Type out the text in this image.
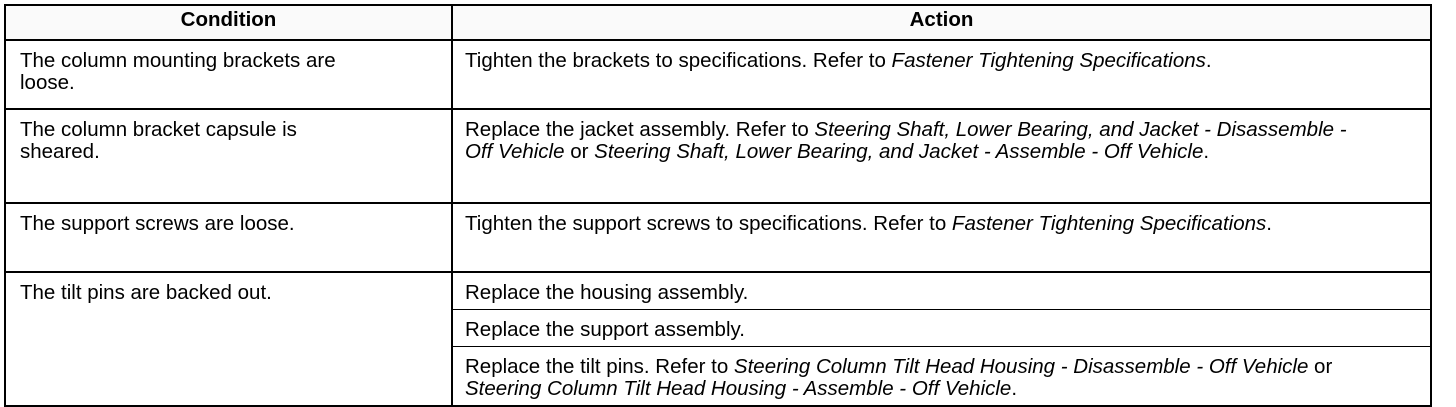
Condition	Action

The column mounting brackets are loose.	Tighten the brackets to specifications. Refer to Fastener Tightening Specifications.

The column bracket capsule is sheared.	Replace the jacket assembly. Refer to Steering Shaft, Lower Bearing, and Jacket - Disassemble - Off Vehicle or Steering Shaft, Lower Bearing, and Jacket - Assemble - Off Vehicle.

The support screws are loose.	Tighten the support screws to specifications. Refer to Fastener Tightening Specifications.

The tilt pins are backed out.	Replace the housing assembly.
Replace the support assembly.
Replace the tilt pins. Refer to Steering Column Tilt Head Housing - Disassemble - Off Vehicle or Steering Column Tilt Head Housing - Assemble - Off Vehicle.
